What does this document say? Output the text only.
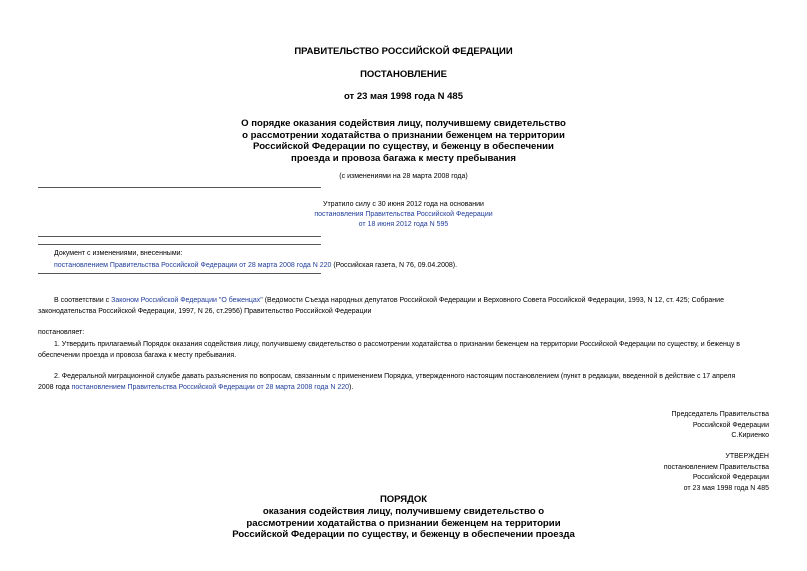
ПРАВИТЕЛЬСТВО РОССИЙСКОЙ ФЕДЕРАЦИИ
ПОСТАНОВЛЕНИЕ
от 23 мая 1998 года N 485
О порядке оказания содействия лицу, получившему свидетельство
о рассмотрении ходатайства о признании беженцем на территории
Российской Федерации по существу, и беженцу в обеспечении
проезда и провоза багажа к месту пребывания
(с изменениями на 28 марта 2008 года)
Утратило силу с 30 июня 2012 года на основании
постановления Правительства Российской Федерации
от 18 июня 2012 года N 595
Документ с изменениями, внесенными:
постановлением Правительства Российской Федерации от 28 марта 2008 года N 220 (Российская газета, N 76, 09.04.2008).
В соответствии с Законом Российской Федерации "О беженцах" (Ведомости Съезда народных депутатов Российской Федерации и Верховного Совета Российской Федерации, 1993, N 12, ст. 425; Собрание
законодательства Российской Федерации, 1997, N 26, ст.2956) Правительство Российской Федерации
постановляет:
1. Утвердить прилагаемый Порядок оказания содействия лицу, получившему свидетельство о рассмотрении ходатайства о признании беженцем на территории Российской Федерации по существу, и беженцу в
обеспечении проезда и провоза багажа к месту пребывания.
2. Федеральной миграционной службе давать разъяснения по вопросам, связанным с применением Порядка, утвержденного настоящим постановлением (пункт в редакции, введенной в действие с 17 апреля
2008 года постановлением Правительства Российской Федерации от 28 марта 2008 года N 220).
Председатель Правительства
Российской Федерации
С.Кириенко
УТВЕРЖДЕН
постановлением Правительства
Российской Федерации
от 23 мая 1998 года N 485
ПОРЯДОК
оказания содействия лицу, получившему свидетельство о
рассмотрении ходатайства о признании беженцем на территории
Российской Федерации по существу, и беженцу в обеспечении проезда
